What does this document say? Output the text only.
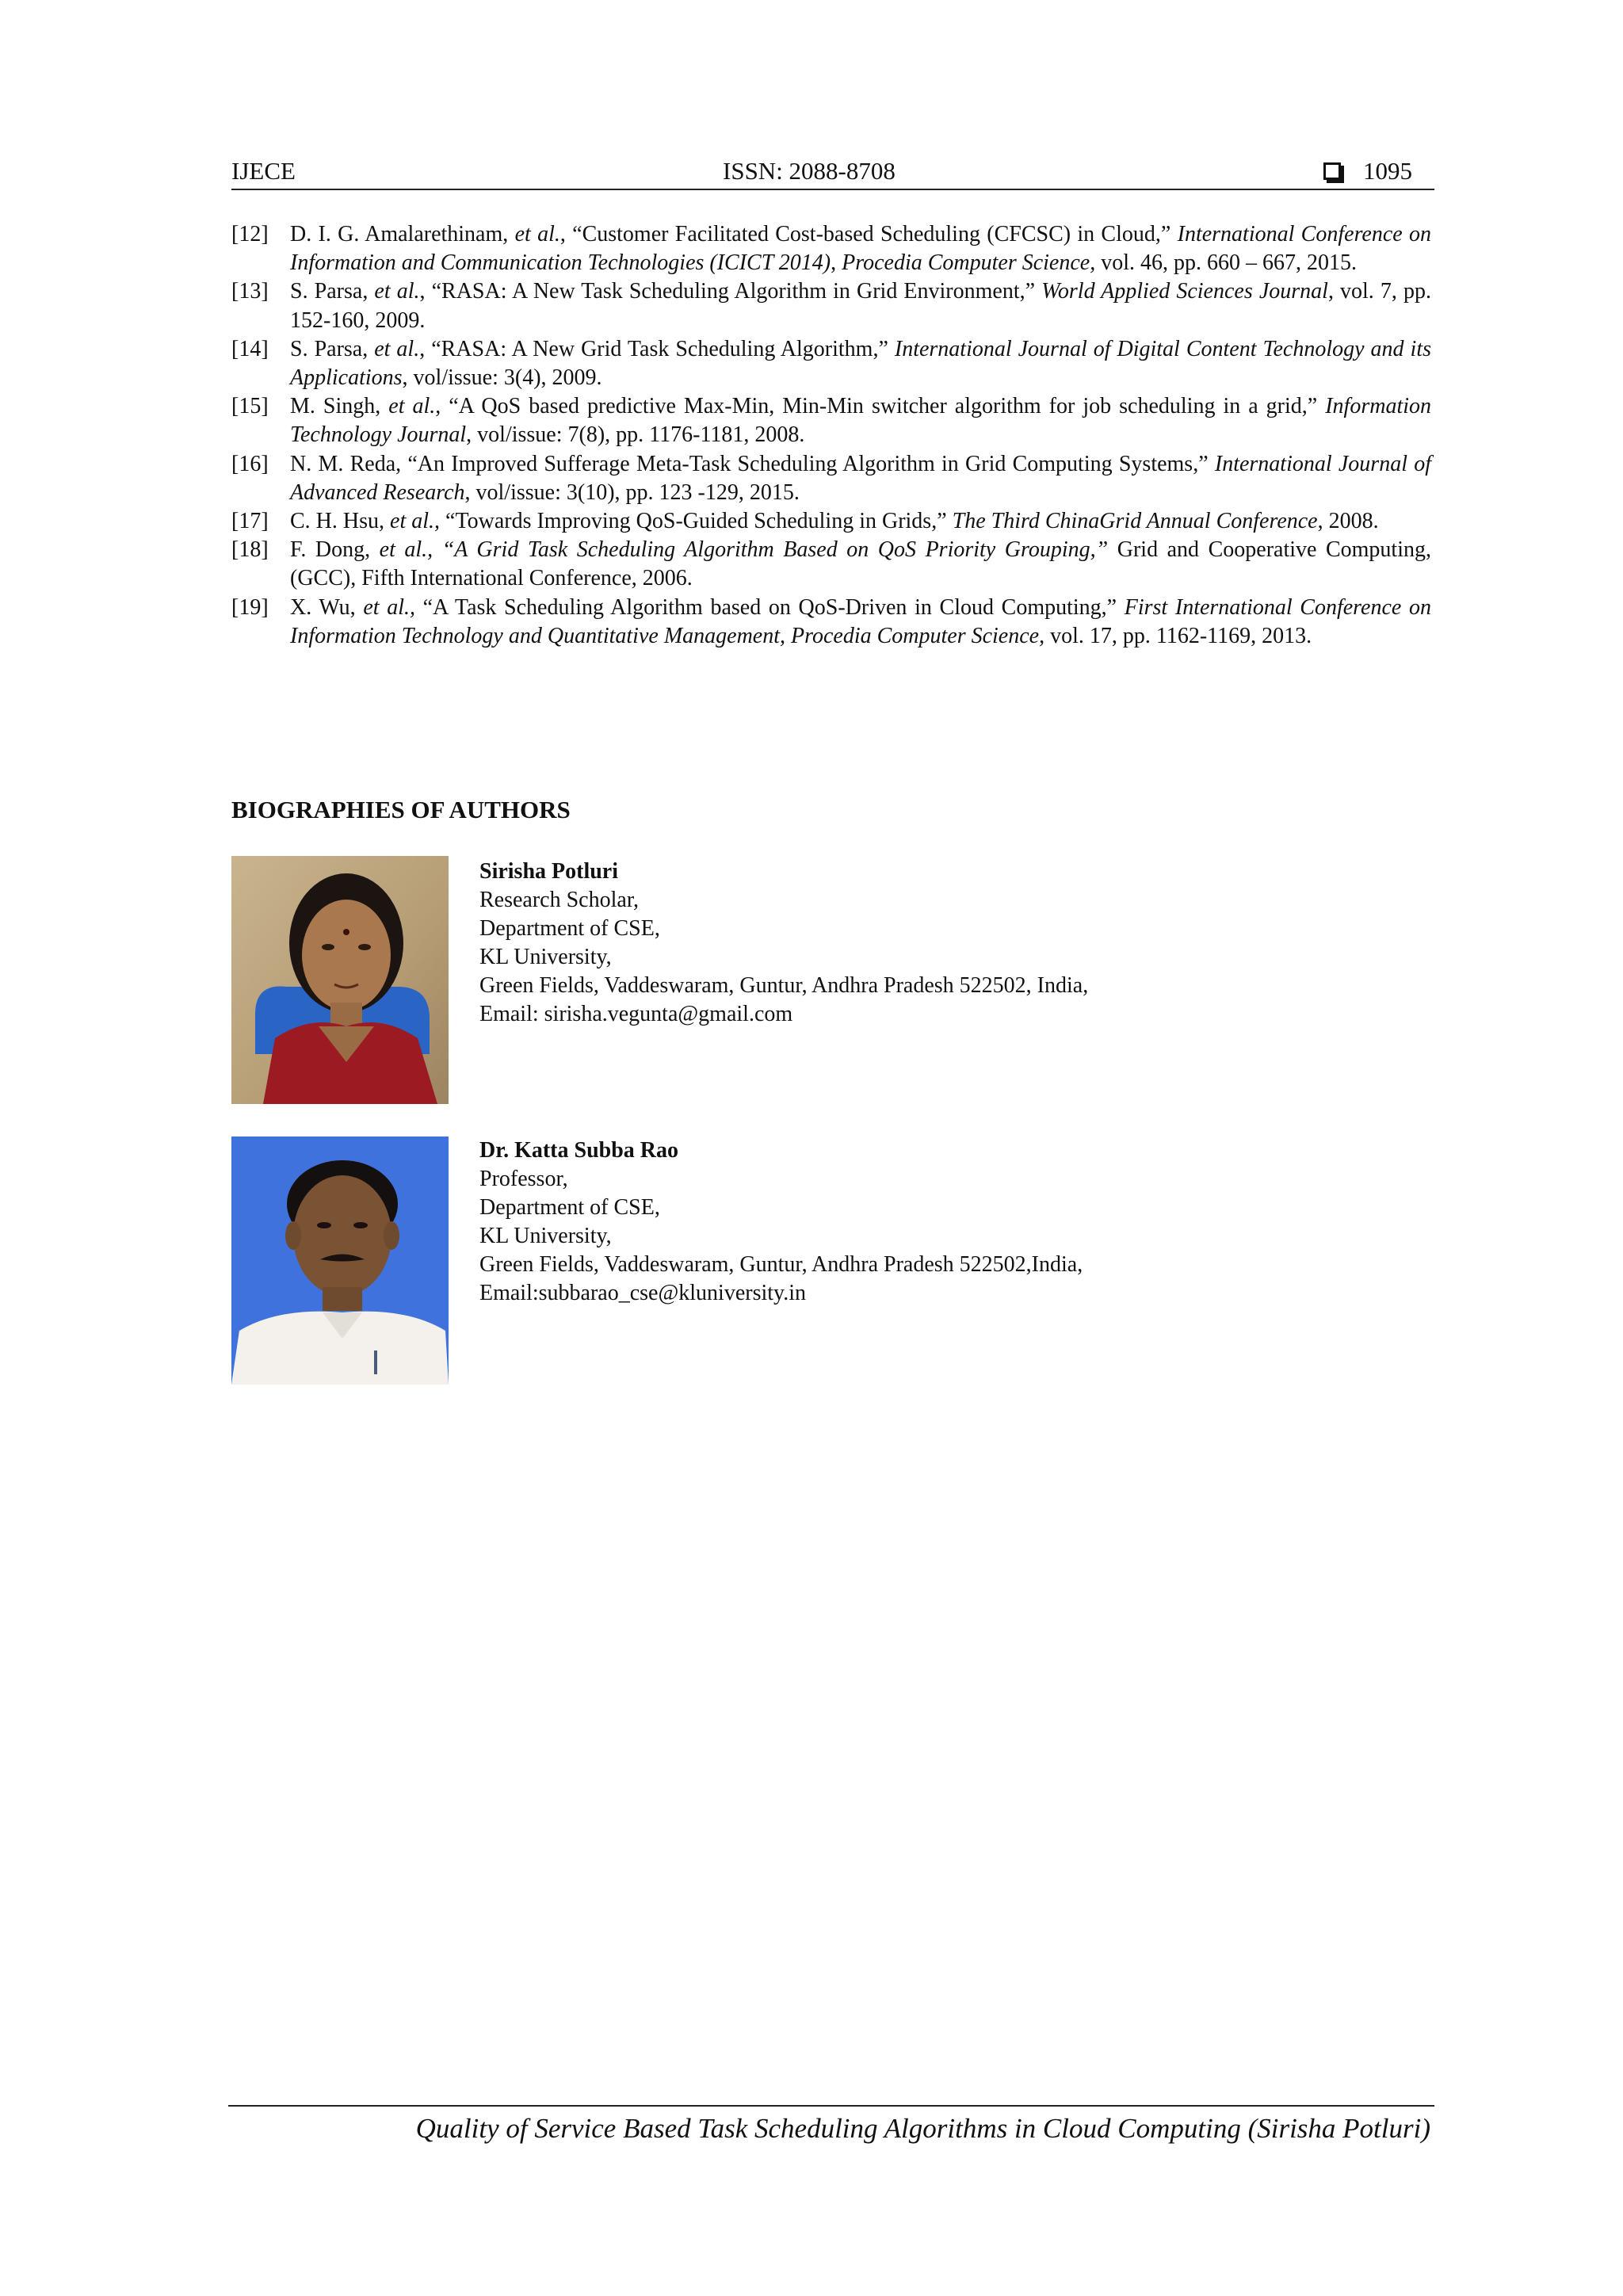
IJECE	ISSN: 2088-8708	1095
[12] D. I. G. Amalarethinam, et al., “Customer Facilitated Cost-based Scheduling (CFCSC) in Cloud,” International Conference on Information and Communication Technologies (ICICT 2014), Procedia Computer Science, vol. 46, pp. 660 – 667, 2015.
[13] S. Parsa, et al., “RASA: A New Task Scheduling Algorithm in Grid Environment,” World Applied Sciences Journal, vol. 7, pp. 152-160, 2009.
[14] S. Parsa, et al., “RASA: A New Grid Task Scheduling Algorithm,” International Journal of Digital Content Technology and its Applications, vol/issue: 3(4), 2009.
[15] M. Singh, et al., “A QoS based predictive Max-Min, Min-Min switcher algorithm for job scheduling in a grid,” Information Technology Journal, vol/issue: 7(8), pp. 1176-1181, 2008.
[16] N. M. Reda, “An Improved Sufferage Meta-Task Scheduling Algorithm in Grid Computing Systems,” International Journal of Advanced Research, vol/issue: 3(10), pp. 123 -129, 2015.
[17] C. H. Hsu, et al., “Towards Improving QoS-Guided Scheduling in Grids,” The Third ChinaGrid Annual Conference, 2008.
[18] F. Dong, et al., “A Grid Task Scheduling Algorithm Based on QoS Priority Grouping,” Grid and Cooperative Computing, (GCC), Fifth International Conference, 2006.
[19] X. Wu, et al., “A Task Scheduling Algorithm based on QoS-Driven in Cloud Computing,” First International Conference on Information Technology and Quantitative Management, Procedia Computer Science, vol. 17, pp. 1162-1169, 2013.
BIOGRAPHIES OF AUTHORS
Sirisha Potluri
Research Scholar,
Department of CSE,
KL University,
Green Fields, Vaddeswaram, Guntur, Andhra Pradesh 522502, India,
Email: sirisha.vegunta@gmail.com
Dr. Katta Subba Rao
Professor,
Department of CSE,
KL University,
Green Fields, Vaddeswaram, Guntur, Andhra Pradesh 522502,India,
Email:subbarao_cse@kluniversity.in
Quality of Service Based Task Scheduling Algorithms in Cloud Computing (Sirisha Potluri)
